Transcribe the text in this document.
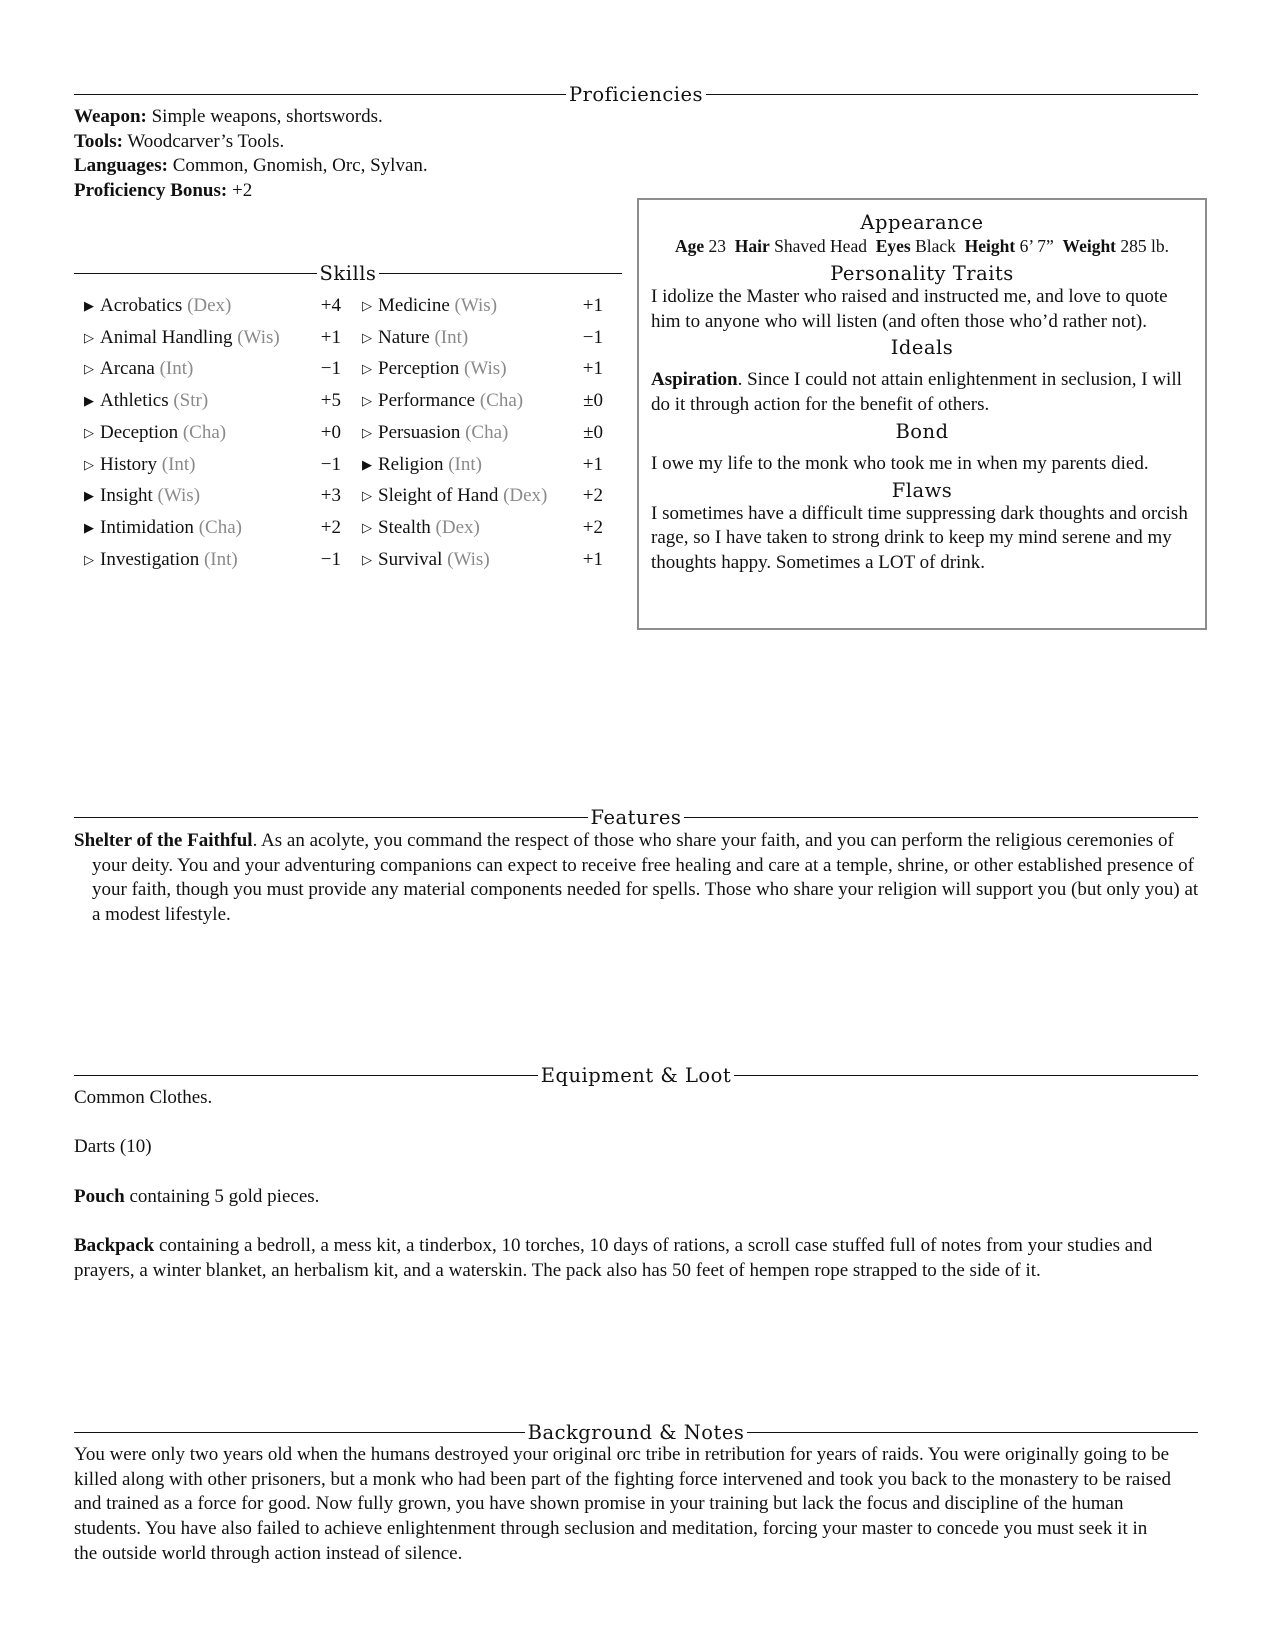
Proficiencies
Weapon: Simple weapons, shortswords.
Tools: Woodcarver’s Tools.
Languages: Common, Gnomish, Orc, Sylvan.
Proficiency Bonus: +2
Skills
▶ Acrobatics (Dex)	+4
▷ Animal Handling (Wis)	+1
▷ Arcana (Int)	−1
▶ Athletics (Str)	+5
▷ Deception (Cha)	+0
▷ History (Int)	−1
▶ Insight (Wis)	+3
▶ Intimidation (Cha)	+2
▷ Investigation (Int)	−1
▷ Medicine (Wis)	+1
▷ Nature (Int)	−1
▷ Perception (Wis)	+1
▷ Performance (Cha)	±0
▷ Persuasion (Cha)	±0
▶ Religion (Int)	+1
▷ Sleight of Hand (Dex)	+2
▷ Stealth (Dex)	+2
▷ Survival (Wis)	+1
Appearance
Age 23 Hair Shaved Head Eyes Black Height 6’ 7” Weight 285 lb.
Personality Traits
I idolize the Master who raised and instructed me, and love to quote him to anyone who will listen (and often those who’d rather not).
Ideals
Aspiration. Since I could not attain enlightenment in seclusion, I will do it through action for the benefit of others.
Bond
I owe my life to the monk who took me in when my parents died.
Flaws
I sometimes have a difficult time suppressing dark thoughts and orcish rage, so I have taken to strong drink to keep my mind serene and my thoughts happy. Sometimes a LOT of drink.
Features
Shelter of the Faithful. As an acolyte, you command the respect of those who share your faith, and you can perform the religious ceremonies of your deity. You and your adventuring companions can expect to receive free healing and care at a temple, shrine, or other established presence of your faith, though you must provide any material components needed for spells. Those who share your religion will support you (but only you) at a modest lifestyle.
Equipment & Loot
Common Clothes.
Darts (10)
Pouch containing 5 gold pieces.
Backpack containing a bedroll, a mess kit, a tinderbox, 10 torches, 10 days of rations, a scroll case stuffed full of notes from your studies and prayers, a winter blanket, an herbalism kit, and a waterskin. The pack also has 50 feet of hempen rope strapped to the side of it.
Background & Notes
You were only two years old when the humans destroyed your original orc tribe in retribution for years of raids. You were originally going to be killed along with other prisoners, but a monk who had been part of the fighting force intervened and took you back to the monastery to be raised and trained as a force for good. Now fully grown, you have shown promise in your training but lack the focus and discipline of the human students. You have also failed to achieve enlightenment through seclusion and meditation, forcing your master to concede you must seek it in the outside world through action instead of silence.
